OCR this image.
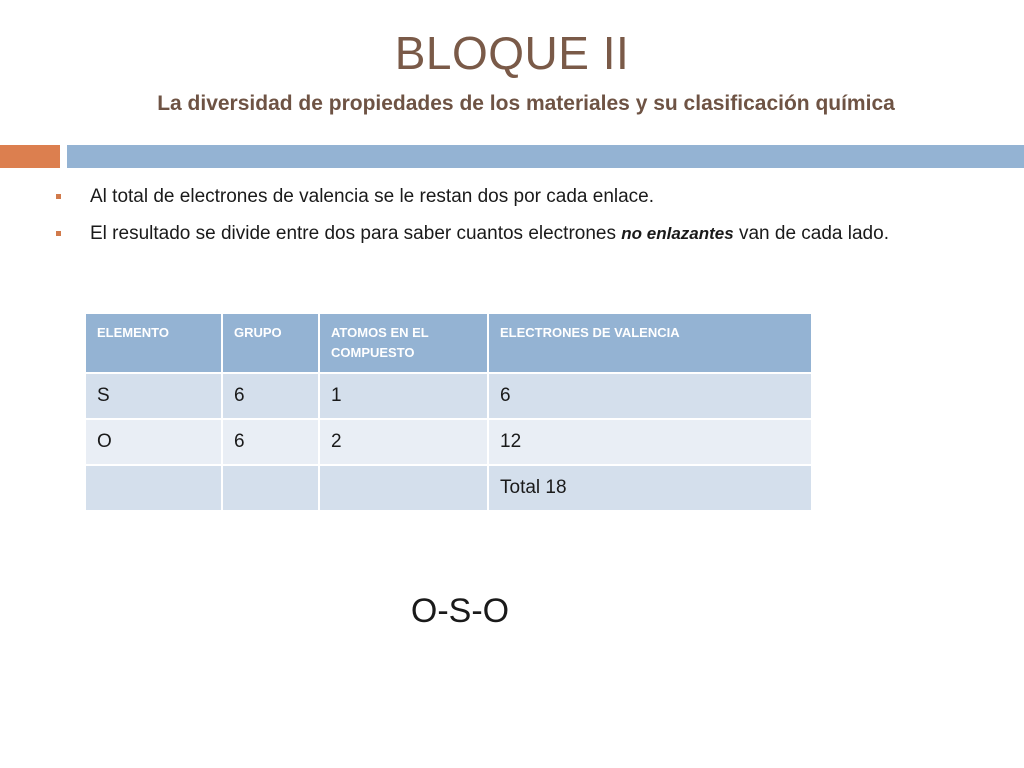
BLOQUE II
La diversidad de propiedades de los materiales y su clasificación química
Al total de electrones de valencia se le restan dos por cada enlace.
El resultado se divide entre dos para saber cuantos electrones no enlazantes van de cada lado.
ELEMENTO	GRUPO	ATOMOS EN EL COMPUESTO	ELECTRONES DE VALENCIA
S	6	1	6
O	6	2	12
			Total 18
O-S-O
